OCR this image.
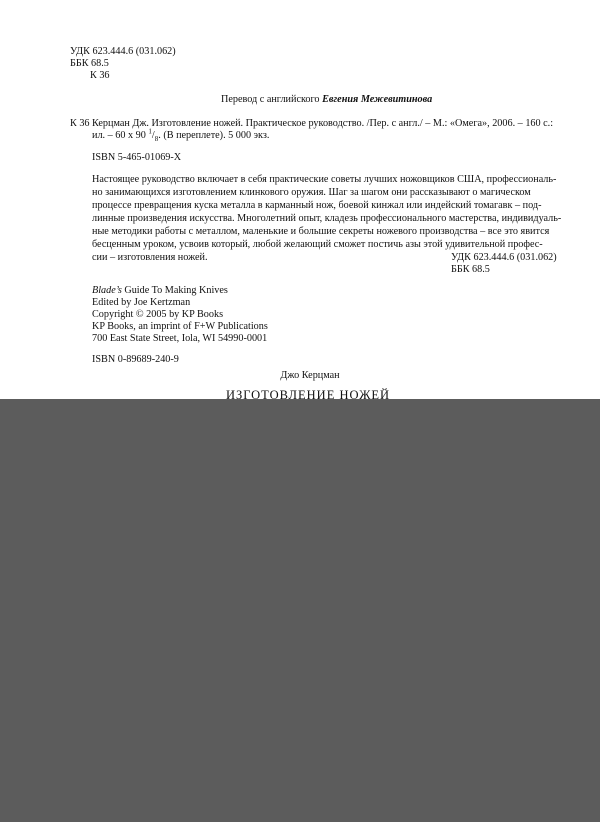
УДК 623.444.6 (031.062)
ББК 68.5
К 36
Перевод с английского Евгения Межевитинова
К 36 Керцман Дж. Изготовление ножей. Практическое руководство. /Пер. с англ./ – М.: «Омега», 2006. – 160 с.:
ил. – 60 x 90 $^1/_8$. (В переплете). 5 000 экз.
ISBN 5-465-01069-X
Настоящее руководство включает в себя практические советы лучших ножовщиков США, профессиональ-
но занимающихся изготовлением клинкового оружия. Шаг за шагом они рассказывают о магическом
процессе превращения куска металла в карманный нож, боевой кинжал или индейский томагавк – под-
линные произведения искусства. Многолетний опыт, кладезь профессионального мастерства, индивидуаль-
ные методики работы с металлом, маленькие и большие секреты ножевого производства – все это явится
бесценным уроком, усвоив который, любой желающий сможет постичь азы этой удивительной профес-
сии – изготовления ножей.	УДК 623.444.6 (031.062)
ББК 68.5
Blade’s Guide To Making Knives
Edited by Joe Kertzman
Copyright © 2005 by KP Books
KP Books, an imprint of F+W Publications
700 East State Street, Iola, WI 54990-0001
ISBN 0-89689-240-9
Джо Керцман
ИЗГОТОВЛЕНИЕ НОЖЕЙ
